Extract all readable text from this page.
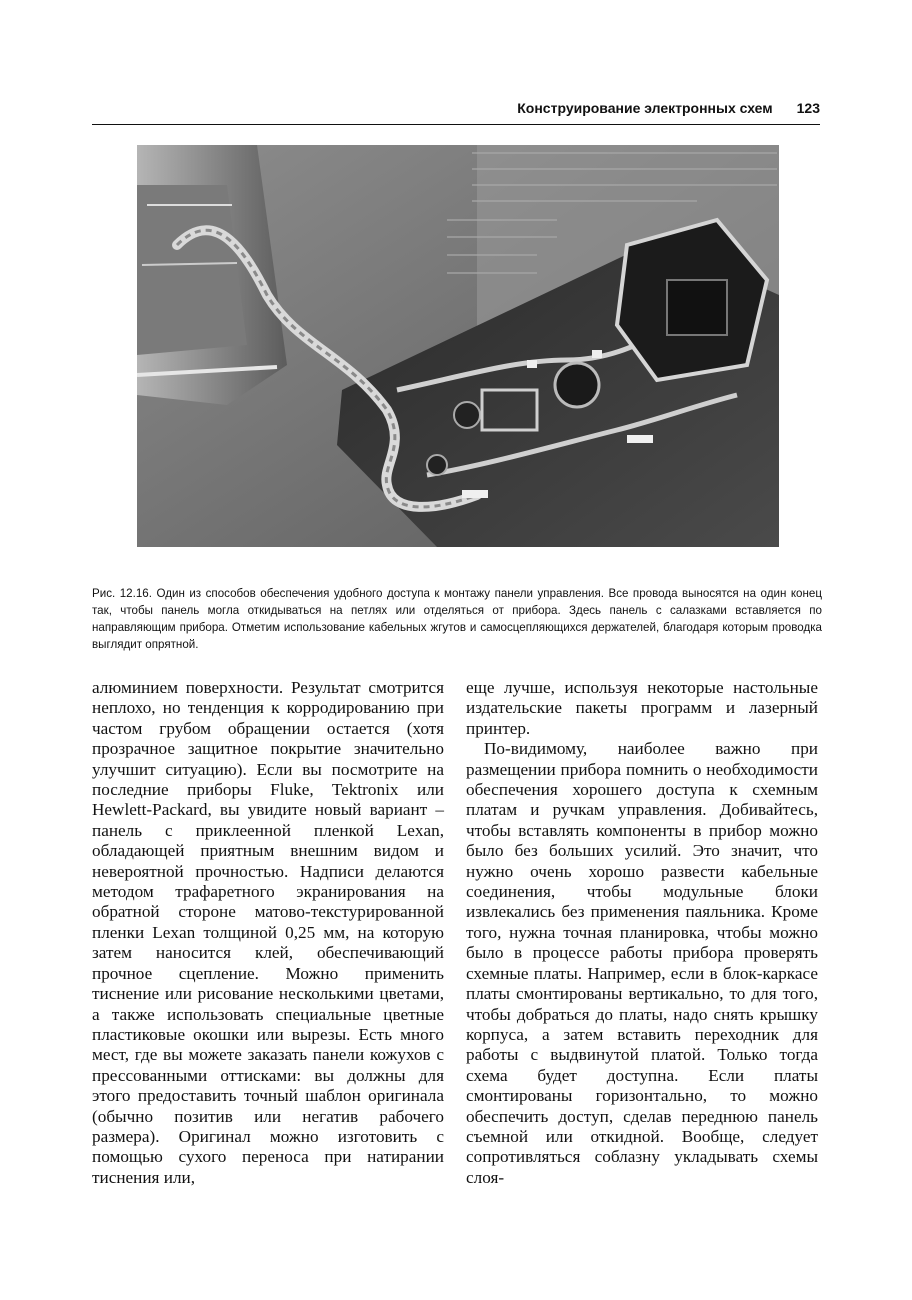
Конструирование электронных схем 123

Рис. 12.16. Один из способов обеспечения удобного доступа к монтажу панели управления. Все провода выносятся на один конец так, чтобы панель могла откидываться на петлях или отделяться от прибора. Здесь панель с салазками вставляется по направляющим прибора. Отметим использование кабельных жгутов и самосцепляющихся держателей, благодаря которым проводка выглядит опрятной.

алюминием поверхности. Результат смотрится неплохо, но тенденция к корродированию при частом грубом обращении остается (хотя прозрачное защитное покрытие значительно улучшит ситуацию). Если вы посмотрите на последние приборы Fluke, Tektronix или Hewlett-Packard, вы увидите новый вариант – панель с приклеенной пленкой Lexan, обладающей приятным внешним видом и невероятной прочностью. Надписи делаются методом трафаретного экранирования на обратной стороне матово-текстурированной пленки Lexan толщиной 0,25 мм, на которую затем наносится клей, обеспечивающий прочное сцепление. Можно применить тиснение или рисование несколькими цветами, а также использовать специальные цветные пластиковые окошки или вырезы. Есть много мест, где вы можете заказать панели кожухов с прессованными оттисками: вы должны для этого предоставить точный шаблон оригинала (обычно позитив или негатив рабочего размера). Оригинал можно изготовить с помощью сухого переноса при натирании тиснения или,

еще лучше, используя некоторые настольные издательские пакеты программ и лазерный принтер.

По-видимому, наиболее важно при размещении прибора помнить о необходимости обеспечения хорошего доступа к схемным платам и ручкам управления. Добивайтесь, чтобы вставлять компоненты в прибор можно было без больших усилий. Это значит, что нужно очень хорошо развести кабельные соединения, чтобы модульные блоки извлекались без применения паяльника. Кроме того, нужна точная планировка, чтобы можно было в процессе работы прибора проверять схемные платы. Например, если в блок-каркасе платы смонтированы вертикально, то для того, чтобы добраться до платы, надо снять крышку корпуса, а затем вставить переходник для работы с выдвинутой платой. Только тогда схема будет доступна. Если платы смонтированы горизонтально, то можно обеспечить доступ, сделав переднюю панель съемной или откидной. Вообще, следует сопротивляться соблазну укладывать схемы слоя-
